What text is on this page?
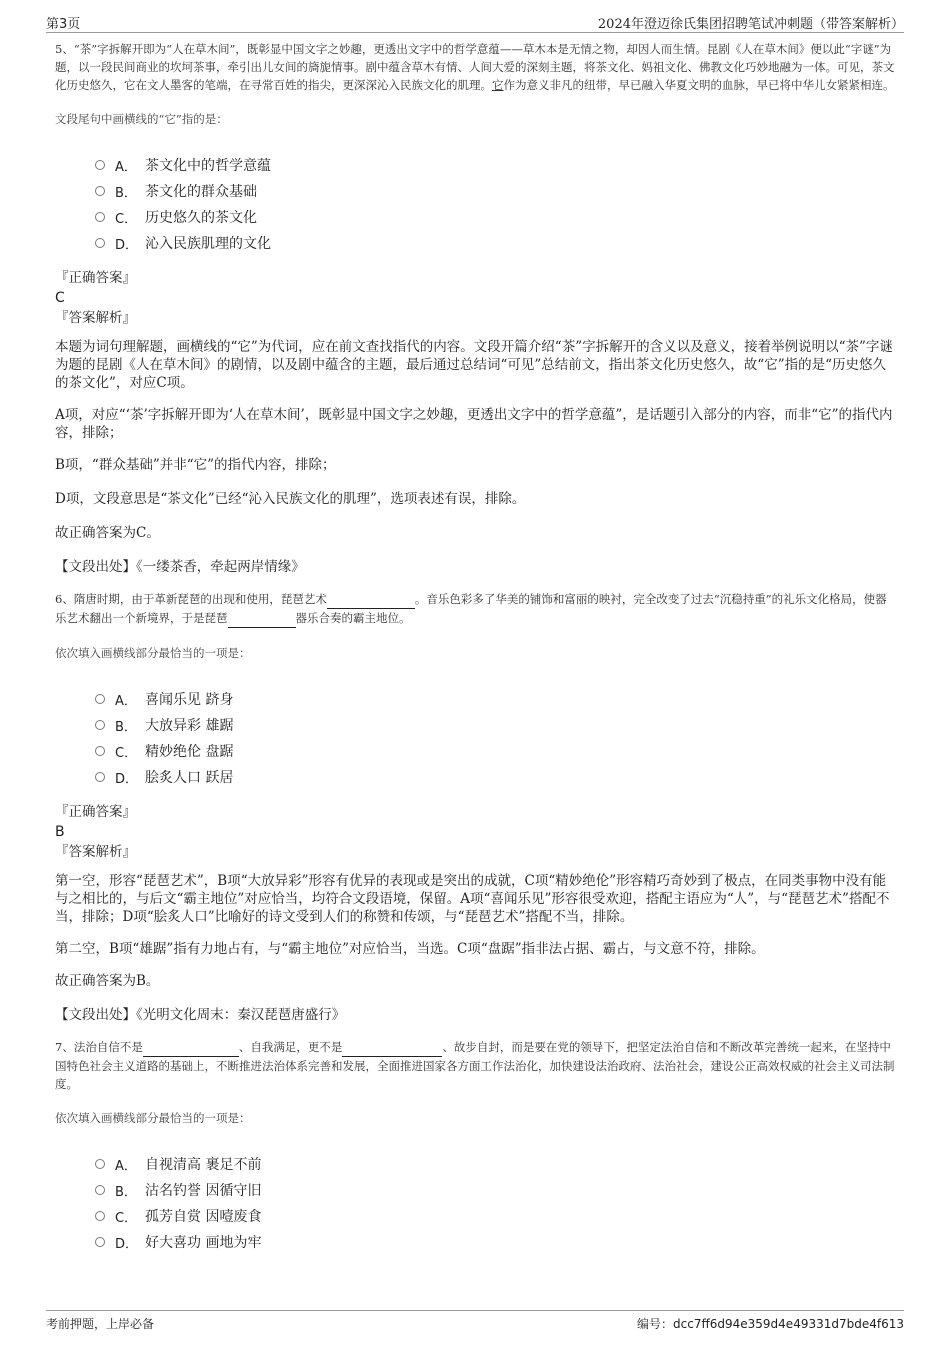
第3页	2024年澄迈徐氏集团招聘笔试冲刺题（带答案解析）

5、“茶”字拆解开即为“人在草木间”，既彰显中国文字之妙趣，更透出文字中的哲学意蕴——草木本是无情之物，却因人而生情。昆剧《人在草木间》便以此“字谜”为题，以一段民间商业的坎坷茶事，牵引出儿女间的旖旎情事。剧中蕴含草木有情、人间大爱的深刻主题，将茶文化、妈祖文化、佛教文化巧妙地融为一体。可见，茶文化历史悠久，它在文人墨客的笔端，在寻常百姓的指尖，更深深沁入民族文化的肌理。它作为意义非凡的纽带，早已融入华夏文明的血脉，早已将中华儿女紧紧相连。

文段尾句中画横线的“它”指的是：

A． 茶文化中的哲学意蕴
B． 茶文化的群众基础
C． 历史悠久的茶文化
D． 沁入民族肌理的文化

『正确答案』

C

『答案解析』

本题为词句理解题，画横线的“它”为代词，应在前文查找指代的内容。文段开篇介绍“茶”字拆解开的含义以及意义，接着举例说明以“茶”字谜为题的昆剧《人在草木间》的剧情，以及剧中蕴含的主题，最后通过总结词“可见”总结前文，指出茶文化历史悠久，故“它”指的是“历史悠久的茶文化”，对应C项。

A项，对应“‘茶’字拆解开即为‘人在草木间’，既彰显中国文字之妙趣，更透出文字中的哲学意蕴”，是话题引入部分的内容，而非“它”的指代内容，排除；

B项，“群众基础”并非“它”的指代内容，排除；

D项，文段意思是“茶文化”已经“沁入民族文化的肌理”，选项表述有误，排除。

故正确答案为C。

【文段出处】《一缕茶香，牵起两岸情缘》

6、隋唐时期，由于革新琵琶的出现和使用，琵琶艺术	。音乐色彩多了华美的铺饰和富丽的映衬，完全改变了过去“沉稳持重”的礼乐文化格局，使器乐艺术翻出一个新境界，于是琵琶	器乐合奏的霸主地位。

依次填入画横线部分最恰当的一项是：

A． 喜闻乐见 跻身
B． 大放异彩 雄踞
C． 精妙绝伦 盘踞
D． 脍炙人口 跃居

『正确答案』

B

『答案解析』

第一空，形容“琵琶艺术”，B项“大放异彩”形容有优异的表现或是突出的成就，C项“精妙绝伦”形容精巧奇妙到了极点，在同类事物中没有能与之相比的，与后文“霸主地位”对应恰当，均符合文段语境，保留。A项“喜闻乐见”形容很受欢迎，搭配主语应为“人”，与“琵琶艺术”搭配不当，排除；D项“脍炙人口”比喻好的诗文受到人们的称赞和传颂，与“琵琶艺术”搭配不当，排除。

第二空，B项“雄踞”指有力地占有，与“霸主地位”对应恰当，当选。C项“盘踞”指非法占据、霸占，与文意不符，排除。

故正确答案为B。

【文段出处】《光明文化周末：秦汉琵琶唐盛行》

7、法治自信不是	、自我满足，更不是	、故步自封，而是要在党的领导下，把坚定法治自信和不断改革完善统一起来，在坚持中国特色社会主义道路的基础上，不断推进法治体系完善和发展，全面推进国家各方面工作法治化，加快建设法治政府、法治社会，建设公正高效权威的社会主义司法制度。

依次填入画横线部分最恰当的一项是：

A． 自视清高 裹足不前
B． 沽名钓誉 因循守旧
C． 孤芳自赏 因噎废食
D． 好大喜功 画地为牢
考前押题，上岸必备	编号：dcc7ff6d94e359d4e49331d7bde4f613
